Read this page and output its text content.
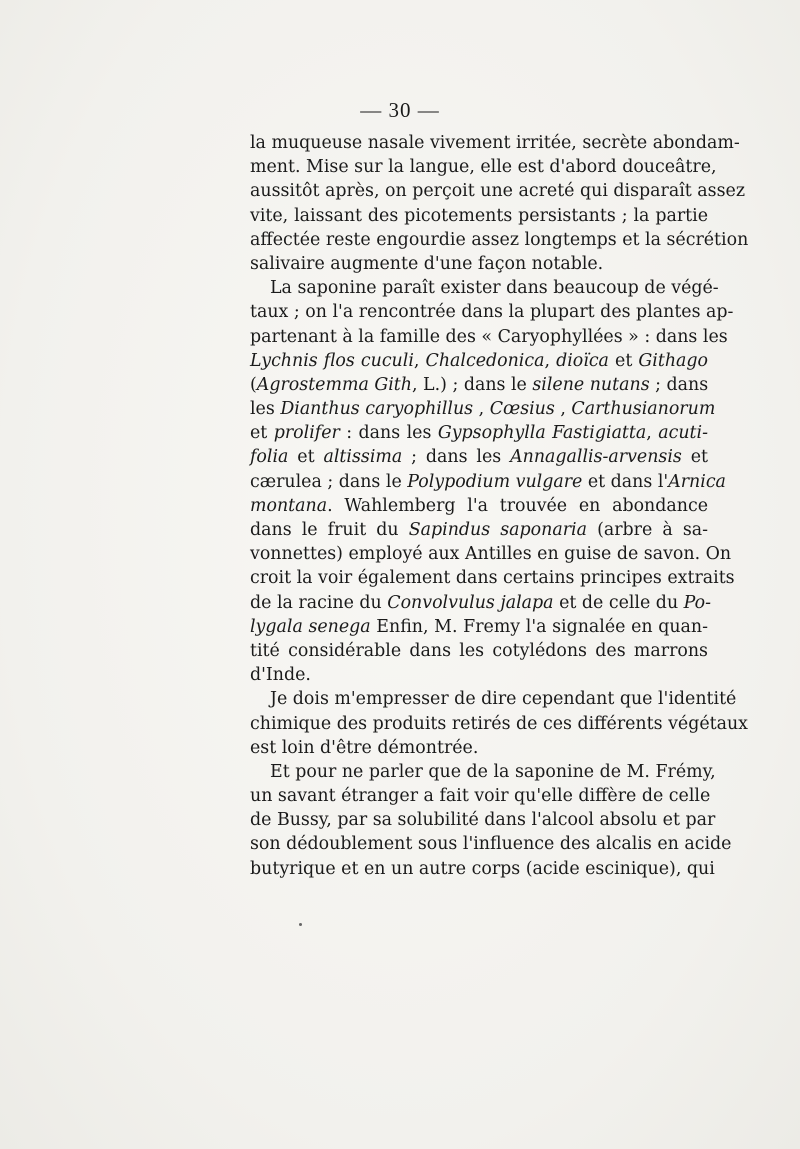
— 30 —
la muqueuse nasale vivement irritée, secrète abondam-
ment. Mise sur la langue, elle est d'abord douceâtre,
aussitôt après, on perçoit une acreté qui disparaît assez
vite, laissant des picotements persistants ; la partie
affectée reste engourdie assez longtemps et la sécrétion
salivaire augmente d'une façon notable.
La saponine paraît exister dans beaucoup de végé-
taux ; on l'a rencontrée dans la plupart des plantes ap-
partenant à la famille des « Caryophyllées » : dans les
Lychnis flos cuculi, Chalcedonica, dioïca et Githago
(Agrostemma Gith, L.) ; dans le silene nutans ; dans
les Dianthus caryophillus , Cœsius , Carthusianorum
et prolifer : dans les Gypsophylla Fastigiatta, acuti-
folia et altissima ; dans les Annagallis-arvensis et
cærulea ; dans le Polypodium vulgare et dans l'Arnica
montana. Wahlemberg l'a trouvée en abondance
dans le fruit du Sapindus saponaria (arbre à sa-
vonnettes) employé aux Antilles en guise de savon. On
croit la voir également dans certains principes extraits
de la racine du Convolvulus jalapa et de celle du Po-
lygala senega Enfin, M. Fremy l'a signalée en quan-
tité considérable dans les cotylédons des marrons
d'Inde.
Je dois m'empresser de dire cependant que l'identité
chimique des produits retirés de ces différents végétaux
est loin d'être démontrée.
Et pour ne parler que de la saponine de M. Frémy,
un savant étranger a fait voir qu'elle diffère de celle
de Bussy, par sa solubilité dans l'alcool absolu et par
son dédoublement sous l'influence des alcalis en acide
butyrique et en un autre corps (acide escinique), qui
